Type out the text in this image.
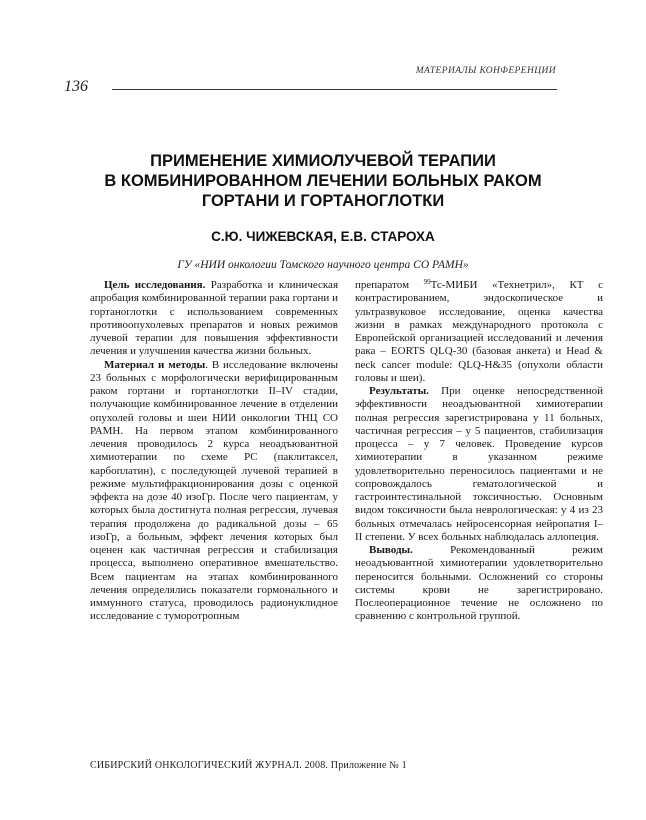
МАТЕРИАЛЫ КОНФЕРЕНЦИИ
136
ПРИМЕНЕНИЕ ХИМИОЛУЧЕВОЙ ТЕРАПИИ
В КОМБИНИРОВАННОМ ЛЕЧЕНИИ БОЛЬНЫХ РАКОМ
ГОРТАНИ И ГОРТАНОГЛОТКИ
С.Ю. ЧИЖЕВСКАЯ, Е.В. СТАРОХА
ГУ «НИИ онкологии Томского научного центра СО РАМН»

Цель исследования. Разработка и клиническая апробация комбинированной терапии рака гортани и гортаноглотки с использованием современных противоопухолевых препаратов и новых режимов лучевой терапии для повышения эффективности лечения и улучшения качества жизни больных.

Материал и методы. В исследование включены 23 больных с морфологически верифицированным раком гортани и гортаноглотки II–IV стадии, получающие комбинированное лечение в отделении опухолей головы и шеи НИИ онкологии ТНЦ СО РАМН. На первом этапом комбинированного лечения проводилось 2 курса неоадъювантной химиотерапии по схеме PC (паклитаксел, карбоплатин), с последующей лучевой терапией в режиме мультифракционирования дозы с оценкой эффекта на дозе 40 изоГр. После чего пациентам, у которых была достигнута полная регрессия, лучевая терапия продолжена до радикальной дозы – 65 изоГр, а больным, эффект лечения которых был оценен как частичная регрессия и стабилизация процесса, выполнено оперативное вмешательство. Всем пациентам на этапах комбинированного лечения определялись показатели гормонального и иммунного статуса, проводилось радионуклидное исследование с туморотропным

препаратом $^{99}$Тс-МИБИ «Технетрил», КТ с контрастированием, эндоскопическое и ультразвуковое исследование, оценка качества жизни в рамках международного протокола с Европейской организацией исследований и лечения рака – EORTS QLQ-30 (базовая анкета) и Head & neck cancer module: QLQ-H&35 (опухоли области головы и шеи).

Результаты. При оценке непосредственной эффективности неоадъювантной химиотерапии полная регрессия зарегистрирована у 11 больных, частичная регрессия – у 5 пациентов, стабилизация процесса – у 7 человек. Проведение курсов химиотерапии в указанном режиме удовлетворительно переносилось пациентами и не сопровождалось гематологической и гастроинтестинальной токсичностью. Основным видом токсичности была неврологическая: у 4 из 23 больных отмечалась нейросенсорная нейропатия I–II степени. У всех больных наблюдалась аллопеция.

Выводы. Рекомендованный режим неоадъювантной химиотерапии удовлетворительно переносится больными. Осложнений со стороны системы крови не зарегистрировано. Послеоперационное течение не осложнено по сравнению с контрольной группой.

СИБИРСКИЙ ОНКОЛОГИЧЕСКИЙ ЖУРНАЛ. 2008. Приложение № 1
